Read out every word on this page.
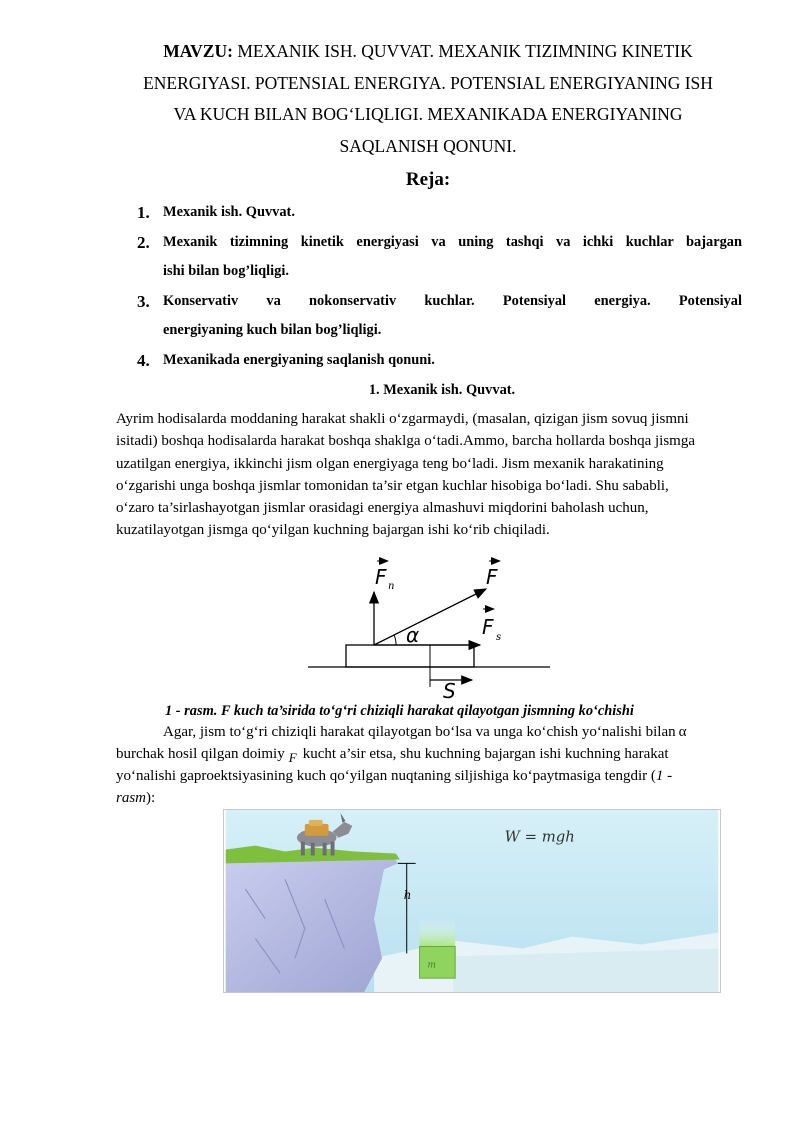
MAVZU: MEXANIK ISH. QUVVAT. MEXANIK TIZIMNING KINETIK
ENERGIYASI. POTENSIAL ENERGIYA. POTENSIAL ENERGIYANING ISH
VA KUCH BILAN BOG‘LIQLIGI. MEXANIKADA ENERGIYANING
SAQLANISH QONUNI.
Reja:
1. Mexanik ish. Quvvat.
2. Mexanik tizimning kinetik energiyasi va uning tashqi va ichki kuchlar bajargan
ishi bilan bog’liqligi.
3. Konservativ va nokonservativ kuchlar. Potensiyal energiya. Potensiyal
energiyaning kuch bilan bog’liqligi.
4. Mexanikada energiyaning saqlanish qonuni.
1. Mexanik ish. Quvvat.
Ayrim hodisalarda moddaning harakat shakli o‘zgarmaydi, (masalan, qizigan jism sovuq jismni
isitadi) boshqa hodisalarda harakat boshqa shaklga o‘tadi.Ammo, barcha hollarda boshqa jismga
uzatilgan energiya, ikkinchi jism olgan energiyaga teng bo‘ladi. Jism mexanik harakatining
o‘zgarishi unga boshqa jismlar tomonidan ta’sir etgan kuchlar hisobiga bo‘ladi. Shu sababli,
o‘zaro ta’sirlashayotgan jismlar orasidagi energiya almashuvi miqdorini baholash uchun,
kuzatilayotgan jismga qo‘yilgan kuchning bajargan ishi ko‘rib chiqiladi.
F n	F
F s
α
S
1 - rasm. F kuch ta’sirida to‘g‘ri chiziqli harakat qilayotgan jismning ko‘chishi
Agar, jism to‘g‘ri chiziqli harakat qilayotgan bo‘lsa va unga ko‘chish yo‘nalishi bilan α
burchak hosil qilgan doimiy F kucht a’sir etsa, shu kuchning bajargan ishi kuchning harakat
yo‘nalishi gaproektsiyasining kuch qo‘yilgan nuqtaning siljishiga ko‘paytmasiga tengdir (1 -
rasm):
h
m
W = mgh
